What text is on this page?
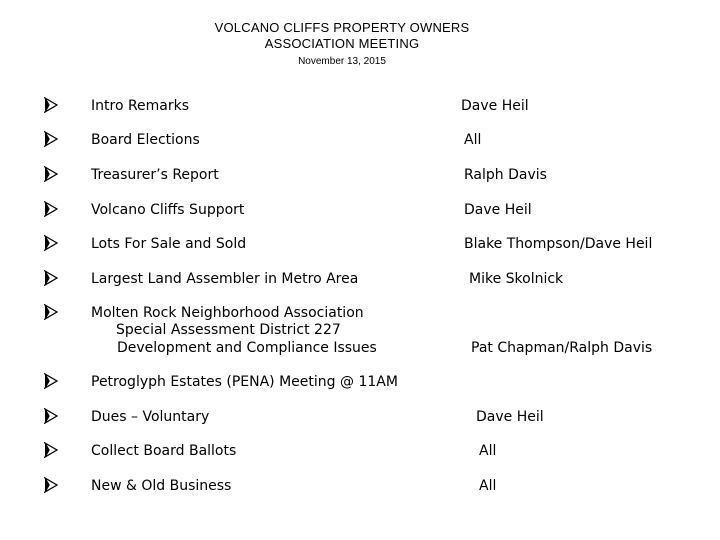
VOLCANO CLIFFS PROPERTY OWNERS
ASSOCIATION MEETING
November 13, 2015
Intro Remarks	Dave Heil
Board Elections	All
Treasurer’s Report	Ralph Davis
Volcano Cliffs Support	Dave Heil
Lots For Sale and Sold	Blake Thompson/Dave Heil
Largest Land Assembler in Metro Area	Mike Skolnick
Molten Rock Neighborhood Association
Special Assessment District 227
Development and Compliance Issues	Pat Chapman/Ralph Davis
Petroglyph Estates (PENA) Meeting @ 11AM
Dues – Voluntary	Dave Heil
Collect Board Ballots	All
New & Old Business	All
